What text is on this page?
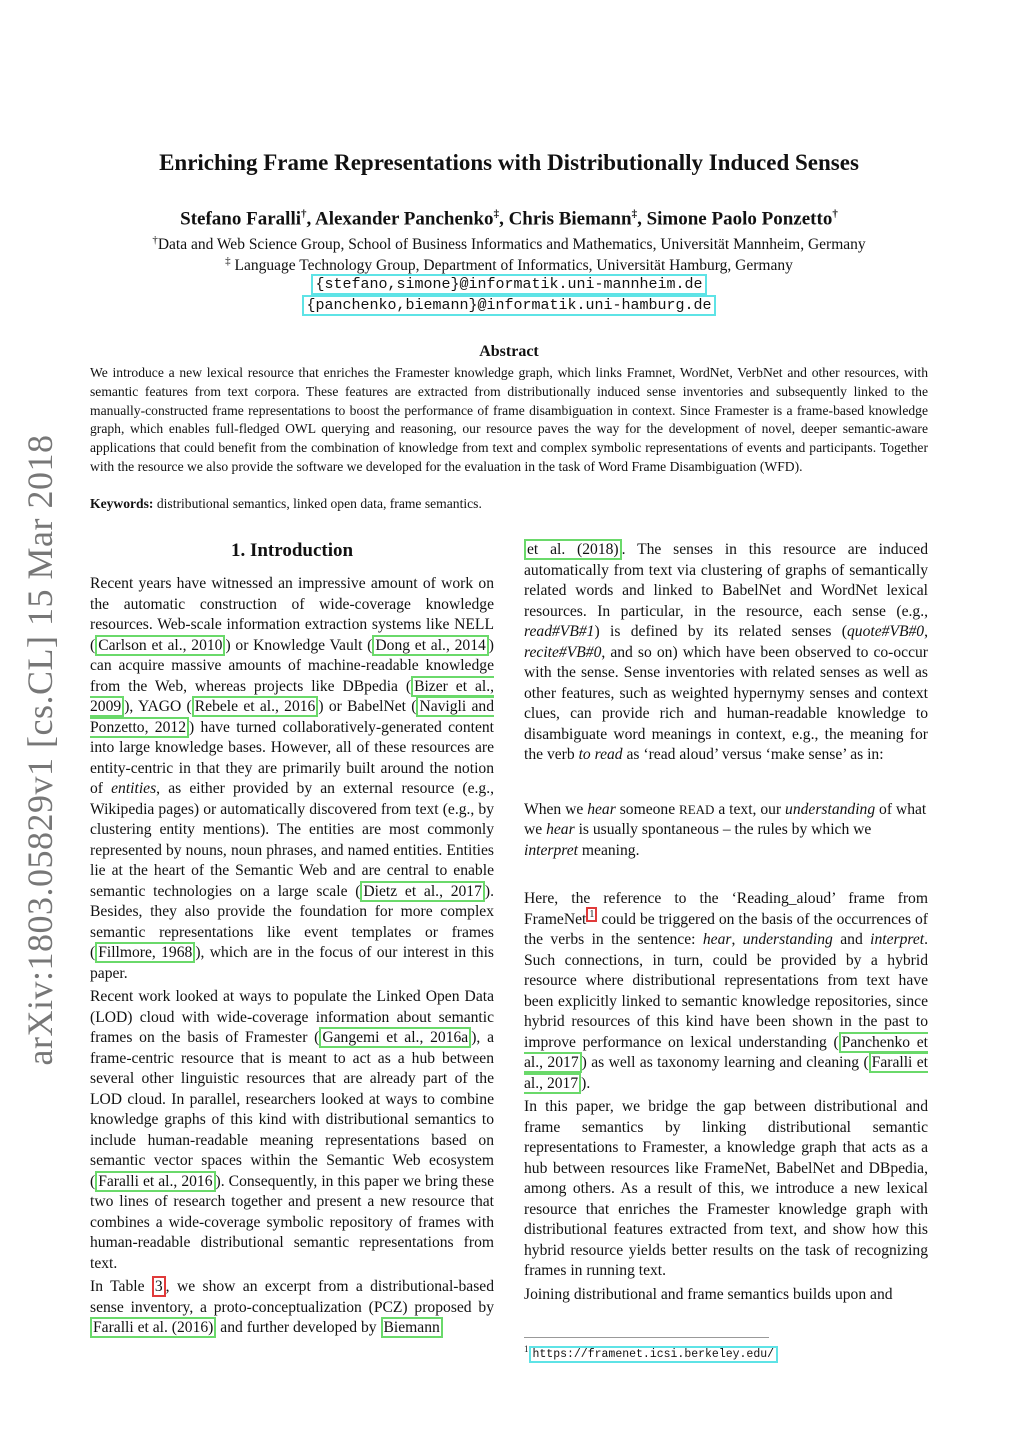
arXiv:1803.05829v1 [cs.CL] 15 Mar 2018
Enriching Frame Representations with Distributionally Induced Senses
Stefano Faralli†, Alexander Panchenko‡, Chris Biemann‡, Simone Paolo Ponzetto†
†Data and Web Science Group, School of Business Informatics and Mathematics, Universität Mannheim, Germany
‡ Language Technology Group, Department of Informatics, Universität Hamburg, Germany
{stefano,simone}@informatik.uni-mannheim.de
{panchenko,biemann}@informatik.uni-hamburg.de
Abstract
We introduce a new lexical resource that enriches the Framester knowledge graph, which links Framnet, WordNet, VerbNet and other resources, with semantic features from text corpora. These features are extracted from distributionally induced sense inventories and subsequently linked to the manually-constructed frame representations to boost the performance of frame disambiguation in context. Since Framester is a frame-based knowledge graph, which enables full-fledged OWL querying and reasoning, our resource paves the way for the development of novel, deeper semantic-aware applications that could benefit from the combination of knowledge from text and complex symbolic representations of events and participants. Together with the resource we also provide the software we developed for the evaluation in the task of Word Frame Disambiguation (WFD).
Keywords: distributional semantics, linked open data, frame semantics.
1. Introduction

Recent years have witnessed an impressive amount of work on the automatic construction of wide-coverage knowledge resources. Web-scale information extraction systems like NELL ( Carlson et al., 2010 ) or Knowledge Vault ( Dong et al., 2014 ) can acquire massive amounts of machine-readable knowledge from the Web, whereas projects like DBpedia ( Bizer et al., 2009 ), YAGO ( Rebele et al., 2016 ) or BabelNet ( Navigli and Ponzetto, 2012 ) have turned collaboratively-generated content into large knowledge bases. However, all of these resources are entity-centric in that they are primarily built around the notion of entities, as either provided by an external resource (e.g., Wikipedia pages) or automatically discovered from text (e.g., by clustering entity mentions). The entities are most commonly represented by nouns, noun phrases, and named entities. Entities lie at the heart of the Semantic Web and are central to enable semantic technologies on a large scale ( Dietz et al., 2017 ). Besides, they also provide the foundation for more complex semantic representations like event templates or frames ( Fillmore, 1968 ), which are in the focus of our interest in this paper.

Recent work looked at ways to populate the Linked Open Data (LOD) cloud with wide-coverage information about semantic frames on the basis of Framester ( Gangemi et al., 2016a ), a frame-centric resource that is meant to act as a hub between several other linguistic resources that are already part of the LOD cloud. In parallel, researchers looked at ways to combine knowledge graphs of this kind with distributional semantics to include human-readable meaning representations based on semantic vector spaces within the Semantic Web ecosystem ( Faralli et al., 2016 ). Consequently, in this paper we bring these two lines of research together and present a new resource that combines a wide-coverage symbolic repository of frames with human-readable distributional semantic representations from text.

In Table 3 , we show an excerpt from a distributional-based sense inventory, a proto-conceptualization (PCZ) proposed by Faralli et al. (2016) and further developed by Biemann

et al. (2018) . The senses in this resource are induced automatically from text via clustering of graphs of semantically related words and linked to BabelNet and WordNet lexical resources. In particular, in the resource, each sense (e.g., read#VB#1) is defined by its related senses (quote#VB#0, recite#VB#0, and so on) which have been observed to co-occur with the sense. Sense inventories with related senses as well as other features, such as weighted hypernymy senses and context clues, can provide rich and human-readable knowledge to disambiguate word meanings in context, e.g., the meaning for the verb to read as ‘read aloud’ versus ‘make sense’ as in:

When we hear someone READ a text, our understanding of what we hear is usually spontaneous – the rules by which we interpret meaning.

Here, the reference to the ‘Reading_aloud’ frame from FrameNet $^1$ could be triggered on the basis of the occurrences of the verbs in the sentence: hear, understanding and interpret. Such connections, in turn, could be provided by a hybrid resource where distributional representations from text have been explicitly linked to semantic knowledge repositories, since hybrid resources of this kind have been shown in the past to improve performance on lexical understanding ( Panchenko et al., 2017 ) as well as taxonomy learning and cleaning ( Faralli et al., 2017 ).

In this paper, we bridge the gap between distributional and frame semantics by linking distributional semantic representations to Framester, a knowledge graph that acts as a hub between resources like FrameNet, BabelNet and DBpedia, among others. As a result of this, we introduce a new lexical resource that enriches the Framester knowledge graph with distributional features extracted from text, and show how this hybrid resource yields better results on the task of recognizing frames in running text.

Joining distributional and frame semantics builds upon and

$^1$ https://framenet.icsi.berkeley.edu/
